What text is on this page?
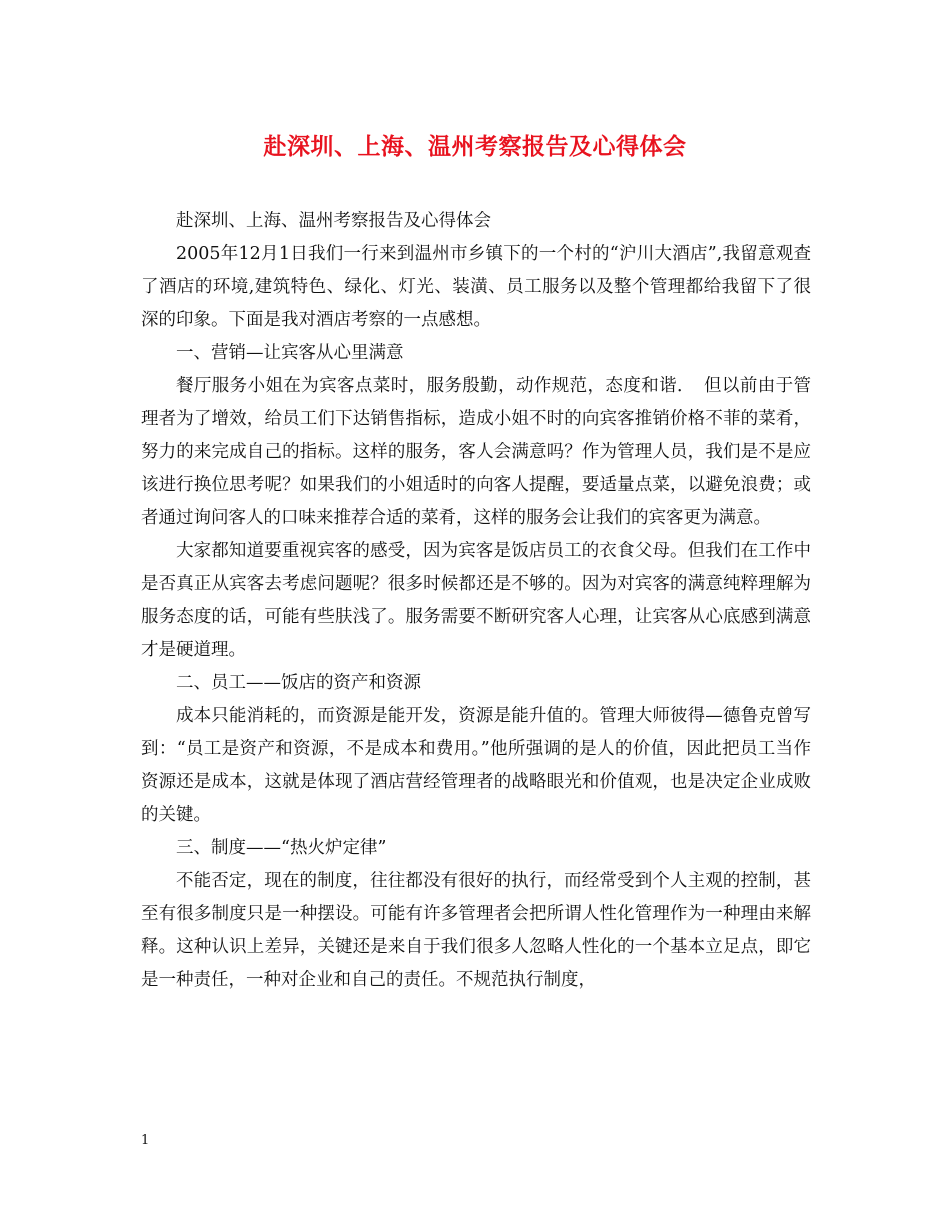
赴深圳、上海、温州考察报告及心得体会

赴深圳、上海、温州考察报告及心得体会

2005年12月1日我们一行来到温州市乡镇下的一个村的“沪川大酒店”,我留意观查了酒店的环境,建筑特色、绿化、灯光、装潢、员工服务以及整个管理都给我留下了很深的印象。下面是我对酒店考察的一点感想。

一、营销—让宾客从心里满意

餐厅服务小姐在为宾客点菜时，服务殷勤，动作规范，态度和谐．　但以前由于管理者为了增效，给员工们下达销售指标，造成小姐不时的向宾客推销价格不菲的菜肴，努力的来完成自己的指标。这样的服务，客人会满意吗？作为管理人员，我们是不是应该进行换位思考呢？如果我们的小姐适时的向客人提醒，要适量点菜，以避免浪费；或者通过询问客人的口味来推荐合适的菜肴，这样的服务会让我们的宾客更为满意。

大家都知道要重视宾客的感受，因为宾客是饭店员工的衣食父母。但我们在工作中是否真正从宾客去考虑问题呢？很多时候都还是不够的。因为对宾客的满意纯粹理解为服务态度的话，可能有些肤浅了。服务需要不断研究客人心理，让宾客从心底感到满意才是硬道理。

二、员工——饭店的资产和资源

成本只能消耗的，而资源是能开发，资源是能升值的。管理大师彼得—德鲁克曾写到：“员工是资产和资源，不是成本和费用。”他所强调的是人的价值，因此把员工当作资源还是成本，这就是体现了酒店营经管理者的战略眼光和价值观，也是决定企业成败的关键。

三、制度——“热火炉定律”

不能否定，现在的制度，往往都没有很好的执行，而经常受到个人主观的控制，甚至有很多制度只是一种摆设。可能有许多管理者会把所谓人性化管理作为一种理由来解释。这种认识上差异，关键还是来自于我们很多人忽略人性化的一个基本立足点，即它是一种责任，一种对企业和自己的责任。不规范执行制度，

1
